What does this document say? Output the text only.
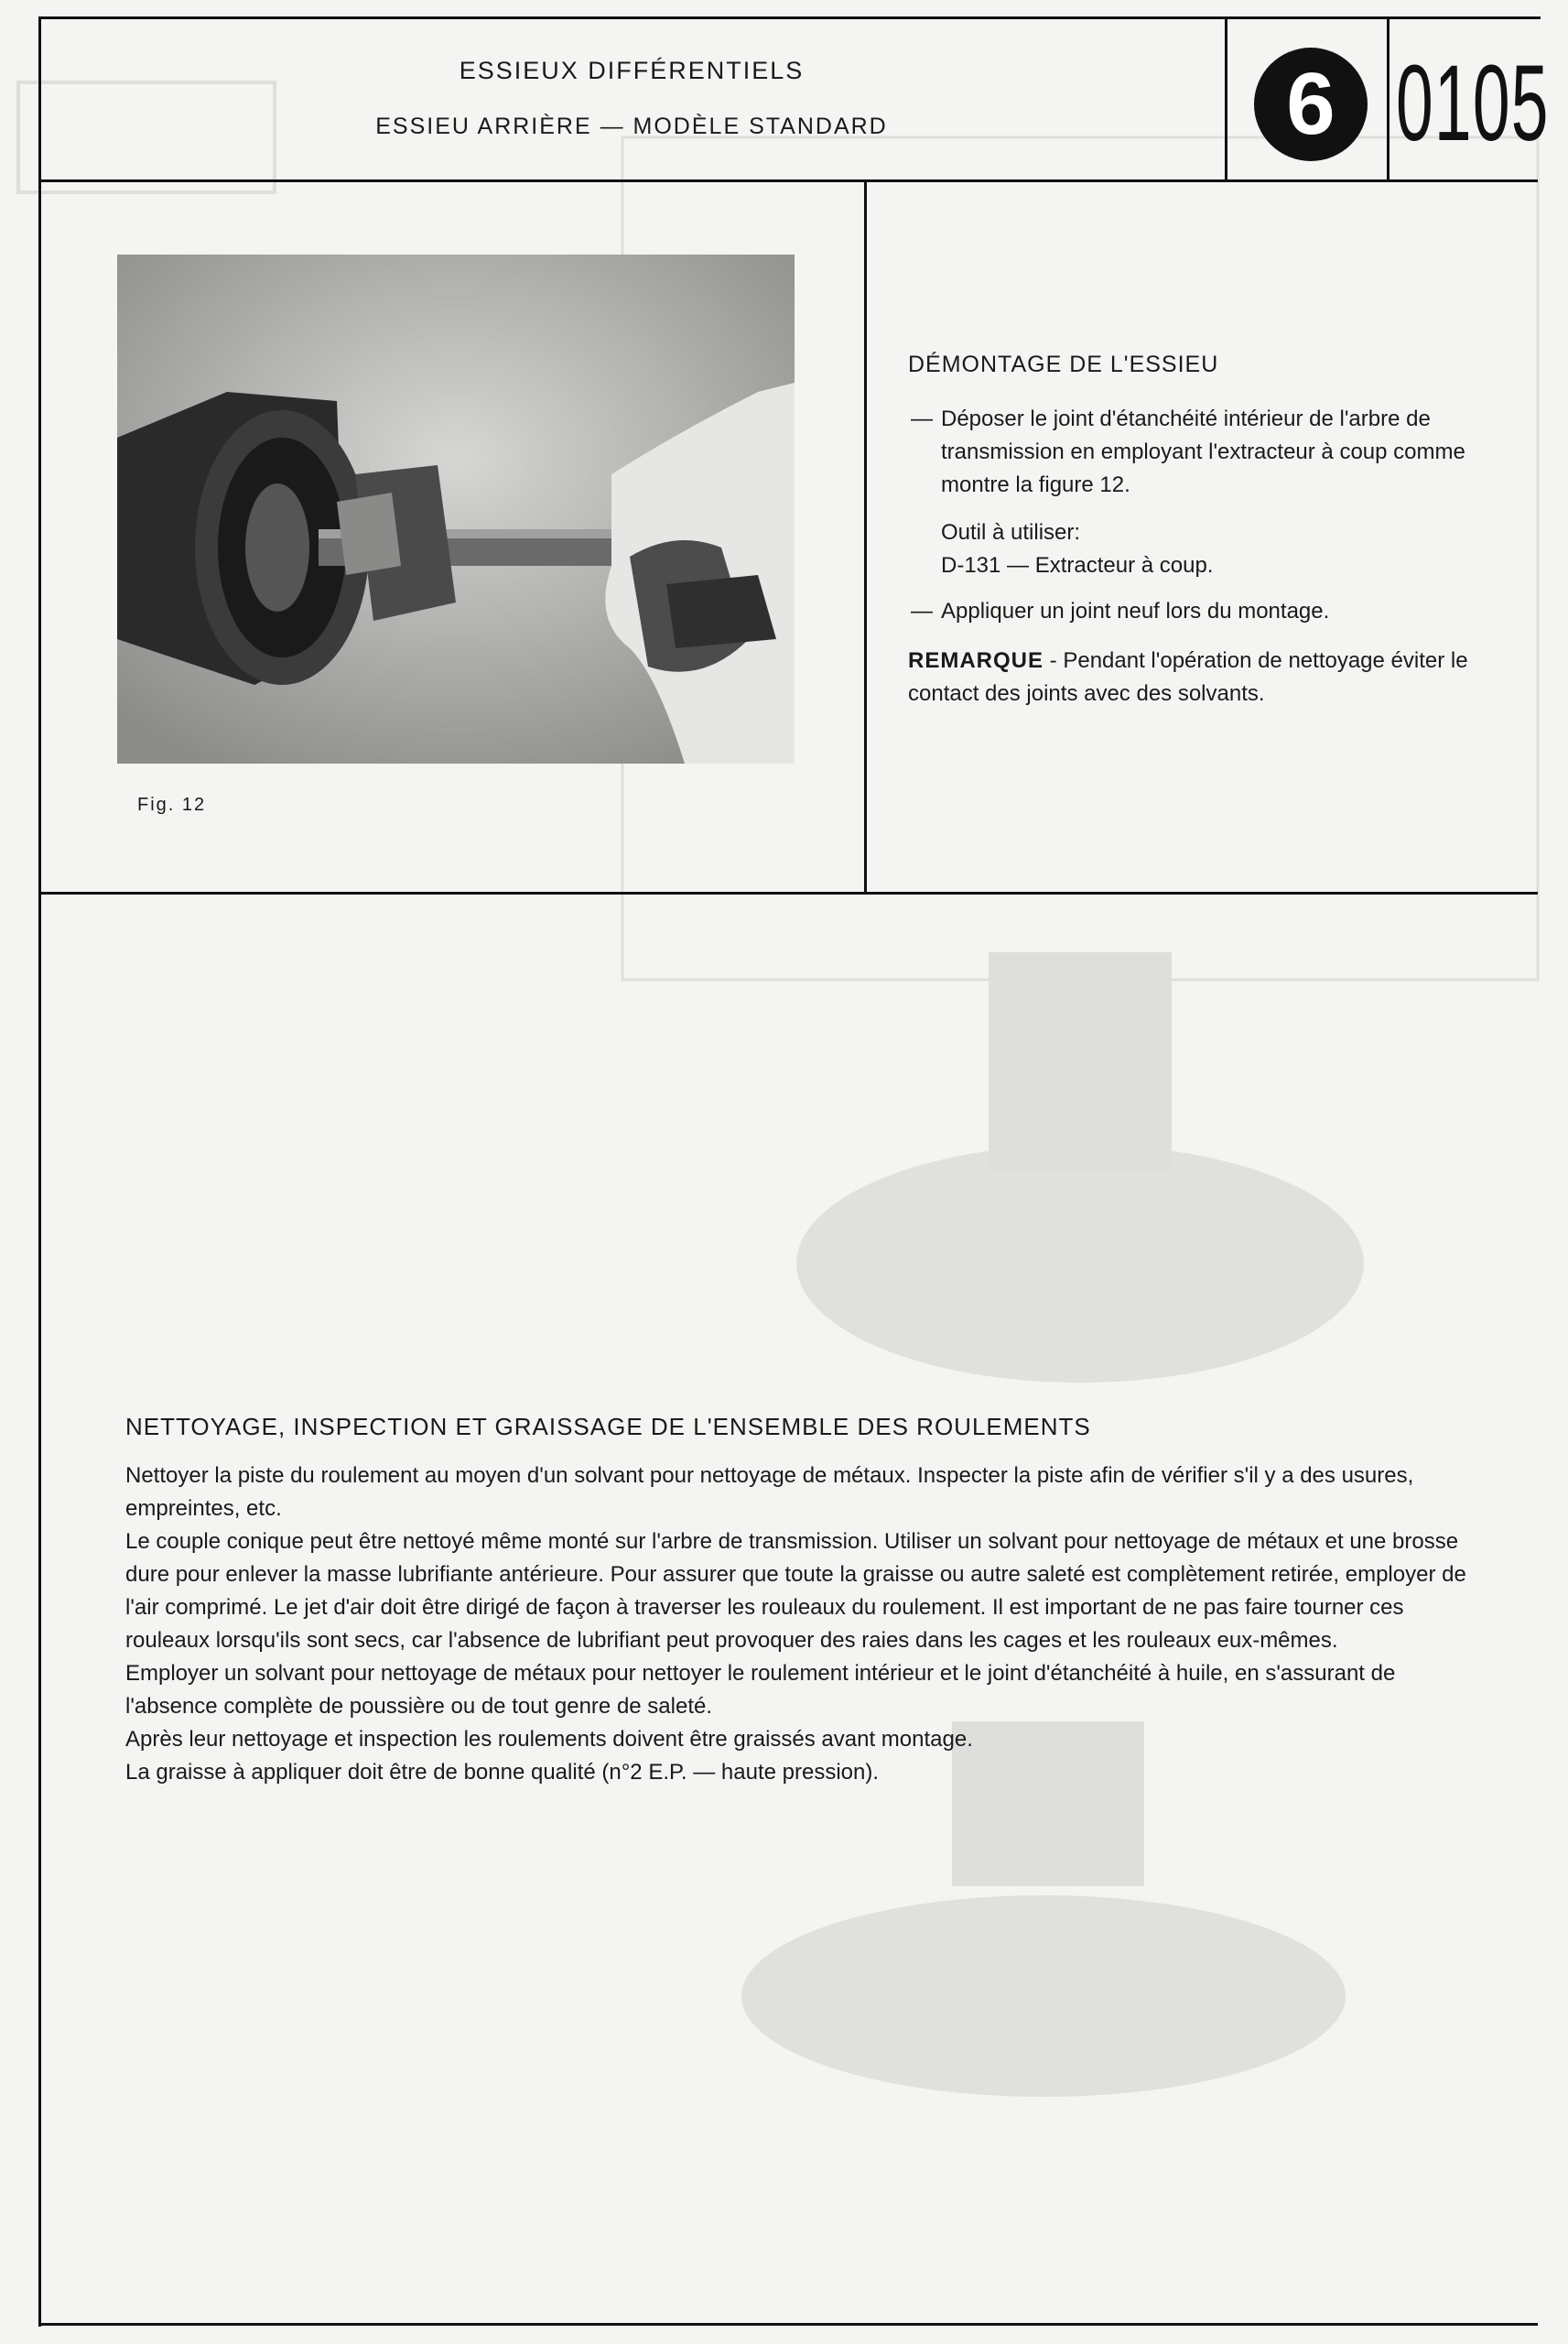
ESSIEUX DIFFÉRENTIELS
ESSIEU ARRIÈRE — MODÈLE STANDARD	6 0105
Fig. 12
DÉMONTAGE DE L'ESSIEU
— Déposer le joint d'étanchéité intérieur de l'arbre de transmission en employant l'extracteur à coup comme montre la figure 12.
Outil à utiliser:
D-131 — Extracteur à coup.
— Appliquer un joint neuf lors du montage.
REMARQUE - Pendant l'opération de nettoyage éviter le contact des joints avec des solvants.
NETTOYAGE, INSPECTION ET GRAISSAGE DE L'ENSEMBLE DES ROULEMENTS

Nettoyer la piste du roulement au moyen d'un solvant pour nettoyage de métaux. Inspecter la piste afin de vérifier s'il y a des usures, empreintes, etc.

Le couple conique peut être nettoyé même monté sur l'arbre de transmission. Utiliser un solvant pour nettoyage de métaux et une brosse dure pour enlever la masse lubrifiante antérieure. Pour assurer que toute la graisse ou autre saleté est complètement retirée, employer de l'air comprimé. Le jet d'air doit être dirigé de façon à traverser les rouleaux du roulement. Il est important de ne pas faire tourner ces rouleaux lorsqu'ils sont secs, car l'absence de lubrifiant peut provoquer des raies dans les cages et les rouleaux eux-mêmes.

Employer un solvant pour nettoyage de métaux pour nettoyer le roulement intérieur et le joint d'étanchéité à huile, en s'assurant de l'absence complète de poussière ou de tout genre de saleté.

Après leur nettoyage et inspection les roulements doivent être graissés avant montage.

La graisse à appliquer doit être de bonne qualité (n°2 E.P. — haute pression).
